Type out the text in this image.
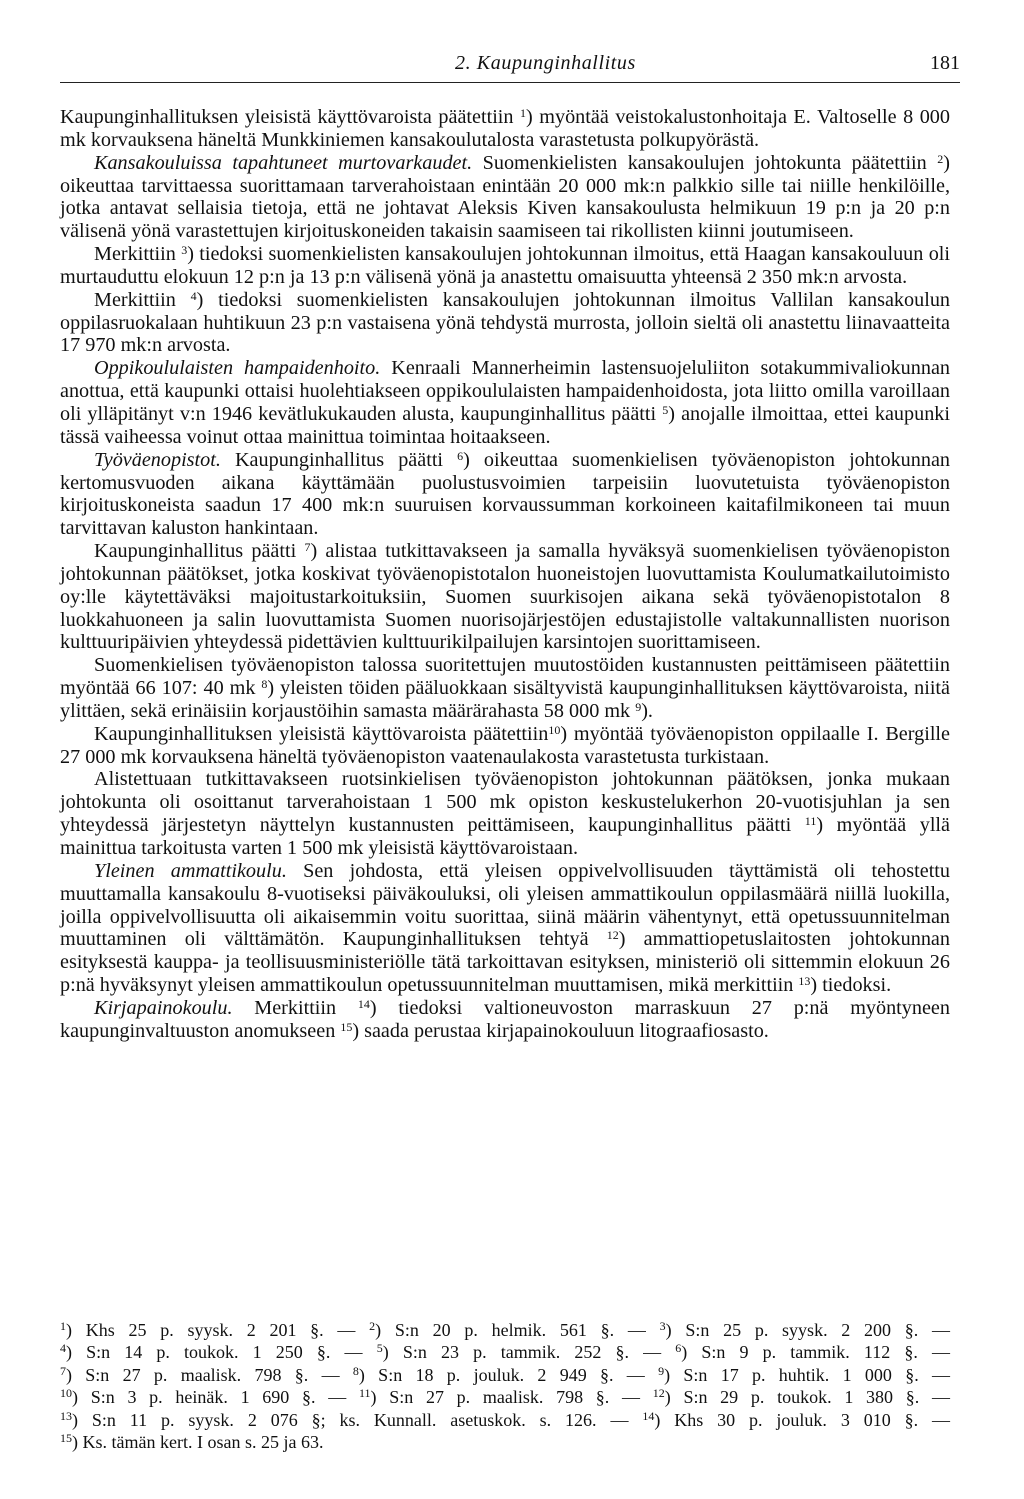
2. Kaupunginhallitus	181

Kaupunginhallituksen yleisistä käyttövaroista päätettiin $^1$) myöntää veistokalustonhoitaja E. Valtoselle 8 000 mk korvauksena häneltä Munkkiniemen kansakoulutalosta varastetusta polkupyörästä.

Kansakouluissa tapahtuneet murtovarkaudet. Suomenkielisten kansakoulujen johtokunta päätettiin $^2$) oikeuttaa tarvittaessa suorittamaan tarverahoistaan enintään 20 000 mk:n palkkio sille tai niille henkilöille, jotka antavat sellaisia tietoja, että ne johtavat Aleksis Kiven kansakoulusta helmikuun 19 p:n ja 20 p:n välisenä yönä varastettujen kirjoituskoneiden takaisin saamiseen tai rikollisten kiinni joutumiseen.

Merkittiin $^3$) tiedoksi suomenkielisten kansakoulujen johtokunnan ilmoitus, että Haagan kansakouluun oli murtauduttu elokuun 12 p:n ja 13 p:n välisenä yönä ja anastettu omaisuutta yhteensä 2 350 mk:n arvosta.

Merkittiin $^4$) tiedoksi suomenkielisten kansakoulujen johtokunnan ilmoitus Vallilan kansakoulun oppilasruokalaan huhtikuun 23 p:n vastaisena yönä tehdystä murrosta, jolloin sieltä oli anastettu liinavaatteita 17 970 mk:n arvosta.

Oppikoululaisten hampaidenhoito. Kenraali Mannerheimin lastensuojeluliiton sotakummivaliokunnan anottua, että kaupunki ottaisi huolehtiakseen oppikoululaisten hampaidenhoidosta, jota liitto omilla varoillaan oli ylläpitänyt v:n 1946 kevätlukukauden alusta, kaupunginhallitus päätti $^5$) anojalle ilmoittaa, ettei kaupunki tässä vaiheessa voinut ottaa mainittua toimintaa hoitaakseen.

Työväenopistot. Kaupunginhallitus päätti $^6$) oikeuttaa suomenkielisen työväenopiston johtokunnan kertomusvuoden aikana käyttämään puolustusvoimien tarpeisiin luovutetuista työväenopiston kirjoituskoneista saadun 17 400 mk:n suuruisen korvaussumman korkoineen kaitafilmikoneen tai muun tarvittavan kaluston hankintaan.

Kaupunginhallitus päätti $^7$) alistaa tutkittavakseen ja samalla hyväksyä suomenkielisen työväenopiston johtokunnan päätökset, jotka koskivat työväenopistotalon huoneistojen luovuttamista Koulumatkailutoimisto oy:lle käytettäväksi majoitustarkoituksiin, Suomen suurkisojen aikana sekä työväenopistotalon 8 luokkahuoneen ja salin luovuttamista Suomen nuorisojärjestöjen edustajistolle valtakunnallisten nuorison kulttuuripäivien yhteydessä pidettävien kulttuurikilpailujen karsintojen suorittamiseen.

Suomenkielisen työväenopiston talossa suoritettujen muutostöiden kustannusten peittämiseen päätettiin myöntää 66 107: 40 mk $^8$) yleisten töiden pääluokkaan sisältyvistä kaupunginhallituksen käyttövaroista, niitä ylittäen, sekä erinäisiin korjaustöihin samasta määrärahasta 58 000 mk $^9$).

Kaupunginhallituksen yleisistä käyttövaroista päätettiin$^{10}$) myöntää työväenopiston oppilaalle I. Bergille 27 000 mk korvauksena häneltä työväenopiston vaatenaulakosta varastetusta turkistaan.

Alistettuaan tutkittavakseen ruotsinkielisen työväenopiston johtokunnan päätöksen, jonka mukaan johtokunta oli osoittanut tarverahoistaan 1 500 mk opiston keskustelukerhon 20-vuotisjuhlan ja sen yhteydessä järjestetyn näyttelyn kustannusten peittämiseen, kaupunginhallitus päätti $^{11}$) myöntää yllä mainittua tarkoitusta varten 1 500 mk yleisistä käyttövaroistaan.

Yleinen ammattikoulu. Sen johdosta, että yleisen oppivelvollisuuden täyttämistä oli tehostettu muuttamalla kansakoulu 8-vuotiseksi päiväkouluksi, oli yleisen ammattikoulun oppilasmäärä niillä luokilla, joilla oppivelvollisuutta oli aikaisemmin voitu suorittaa, siinä määrin vähentynyt, että opetussuunnitelman muuttaminen oli välttämätön. Kaupunginhallituksen tehtyä $^{12}$) ammattiopetuslaitosten johtokunnan esityksestä kauppa- ja teollisuusministeriölle tätä tarkoittavan esityksen, ministeriö oli sittemmin elokuun 26 p:nä hyväksynyt yleisen ammattikoulun opetussuunnitelman muuttamisen, mikä merkittiin $^{13}$) tiedoksi.

Kirjapainokoulu. Merkittiin $^{14}$) tiedoksi valtioneuvoston marraskuun 27 p:nä myöntyneen kaupunginvaltuuston anomukseen $^{15}$) saada perustaa kirjapainokouluun litograafiosasto.

$^1$) Khs 25 p. syysk. 2 201 §. — $^2$) S:n 20 p. helmik. 561 §. — $^3$) S:n 25 p. syysk. 2 200 §. —
$^4$) S:n 14 p. toukok. 1 250 §. — $^5$) S:n 23 p. tammik. 252 §. — $^6$) S:n 9 p. tammik. 112 §. —
$^7$) S:n 27 p. maalisk. 798 §. — $^8$) S:n 18 p. jouluk. 2 949 §. — $^9$) S:n 17 p. huhtik. 1 000 §. —
$^{10}$) S:n 3 p. heinäk. 1 690 §. — $^{11}$) S:n 27 p. maalisk. 798 §. — $^{12}$) S:n 29 p. toukok. 1 380 §. —
$^{13}$) S:n 11 p. syysk. 2 076 §; ks. Kunnall. asetuskok. s. 126. — $^{14}$) Khs 30 p. jouluk. 3 010 §. —
$^{15}$) Ks. tämän kert. I osan s. 25 ja 63.
